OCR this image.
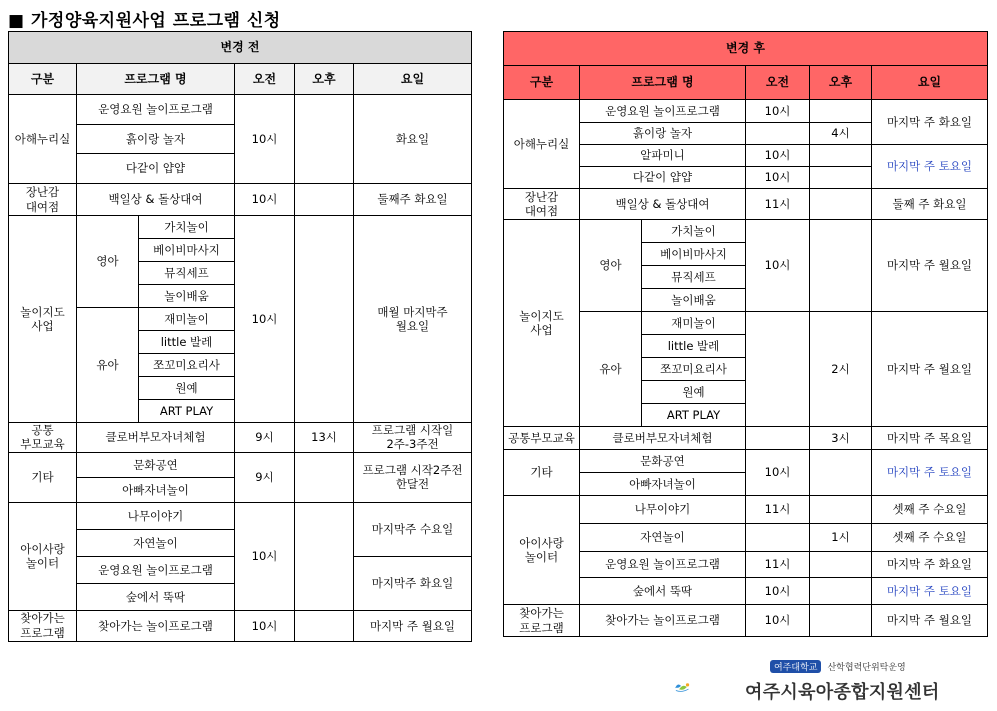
■ 가정양육지원사업 프로그램 신청
변경 전					
구분	프로그램 명		오전	오후	요일
아해누리실	운영요원 놀이프로그램		10시		화요일
	흙이랑 놀자				
	다같이 얍얍				
장난감
대여점	백일상 & 돌상대여		10시		둘째주 화요일
놀이지도
사업	영아	가치놀이	10시		매월 마지막주
월요일
		베이비마사지			
		뮤직세프			
		놀이배움			
	유아	재미놀이			
		little 발레			
		쪼꼬미요리사			
		원예			
		ART PLAY			
공통
부모교육	클로버부모자녀체험		9시	13시	프로그램 시작일
2주-3주전
기타	문화공연		9시		프로그램 시작2주전
한달전
	아빠자녀놀이				
아이사랑
놀이터	나무이야기		10시		마지막주 수요일
	자연놀이				
	운영요원 놀이프로그램				마지막주 화요일
	숲에서 뚝딱				
찾아가는
프로그램	찾아가는 놀이프로그램		10시		마지막 주 월요일
변경 후					
구분	프로그램 명		오전	오후	요일
아해누리실	운영요원 놀이프로그램		10시		마지막 주 화요일
	흙이랑 놀자			4시	
	알파미니		10시		마지막 주 토요일
	다같이 얍얍		10시		
장난감
대여점	백일상 & 돌상대여		11시		둘째 주 화요일
놀이지도
사업	영아	가치놀이	10시		마지막 주 월요일
		베이비마사지			
		뮤직세프			
		놀이배움			
	유아	재미놀이		2시	마지막 주 월요일
		little 발레			
		쪼꼬미요리사			
		원예			
		ART PLAY			
공통부모교육	클로버부모자녀체험			3시	마지막 주 목요일
기타	문화공연		10시		마지막 주 토요일
	아빠자녀놀이				
아이사랑
놀이터	나무이야기		11시		셋째 주 수요일
	자연놀이			1시	셋째 주 수요일
	운영요원 놀이프로그램		11시		마지막 주 화요일
	숲에서 뚝딱		10시		마지막 주 토요일
찾아가는
프로그램	찾아가는 놀이프로그램		10시		마지막 주 월요일
여주대학교	산학협력단위탁운영
여주시육아종합지원센터
